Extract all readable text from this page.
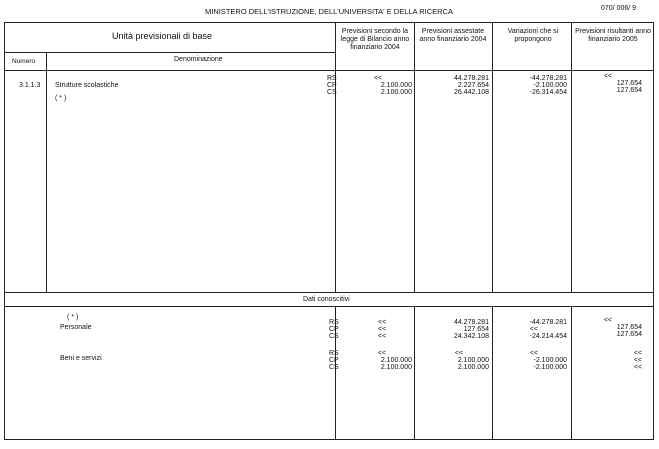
MINISTERO DELL'ISTRUZIONE, DELL'UNIVERSITA' E DELLA RICERCA	070/ 006/ 9
Unità previsionali di base
Numero	Denominazione
Previsioni secondo la legge di Bilancio anno finanziario 2004
Previsioni assestate anno finanziario 2004
Variazioni che si propongono
Previsioni risultanti anno finanziario 2005
3.1.1.3 Strutture scolastiche
( * )
RS
CP
CS
<<
2.100.000
2.100.000
44.278.281
2.227.654
26.442.108
-44.278.281
-2.100.000
-26.314.454
<<
127.654
127.654
Dati conoscitivi
( * )
Personale
RS
CP
CS
<<
<<
<<
44.278.281
127.654
24.342.108
-44.278.281
<<
-24.214.454
<<
127.654
127.654
Beni e servizi
RS
CP
CS
<<
2.100.000
2.100.000
<<
2.100.000
2.100.000
<<
-2.100.000
-2.100.000
<<
<<
<<
